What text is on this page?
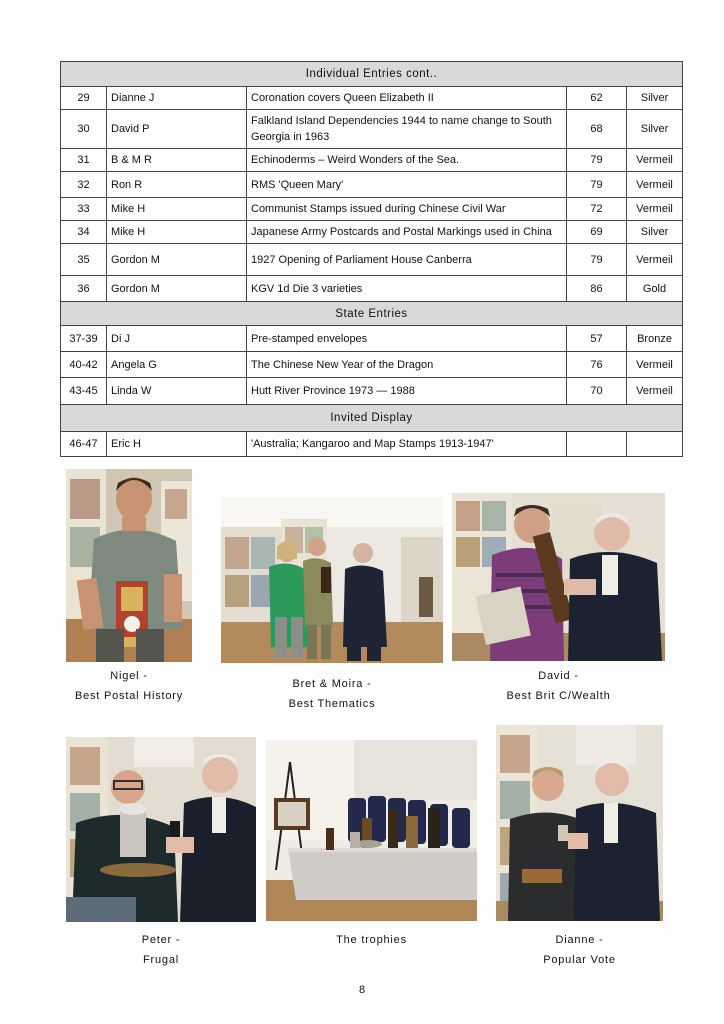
Individual Entries cont..				
29	Dianne J	Coronation covers Queen Elizabeth II	62	Silver
30	David P	Falkland Island Dependencies 1944 to name change to South Georgia in 1963	68	Silver
31	B & M R	Echinoderms – Weird Wonders of the Sea.	79	Vermeil
32	Ron R	RMS 'Queen Mary'	79	Vermeil
33	Mike H	Communist Stamps issued during Chinese Civil War	72	Vermeil
34	Mike H	Japanese Army Postcards and Postal Markings used in China	69	Silver
35	Gordon M	1927 Opening of Parliament House Canberra	79	Vermeil
36	Gordon M	KGV 1d Die 3 varieties	86	Gold
State Entries				
37-39	Di J	Pre-stamped envelopes	57	Bronze
40-42	Angela G	The Chinese New Year of the Dragon	76	Vermeil
43-45	Linda W	Hutt River Province 1973 — 1988	70	Vermeil
Invited Display				
46-47	Eric H	'Australia; Kangaroo and Map Stamps 1913-1947'		
Nigel -
Best Postal History
Bret & Moira -
Best Thematics
David -
Best Brit C/Wealth
Peter -
Frugal
The trophies	Dianne -
Popular Vote
8
